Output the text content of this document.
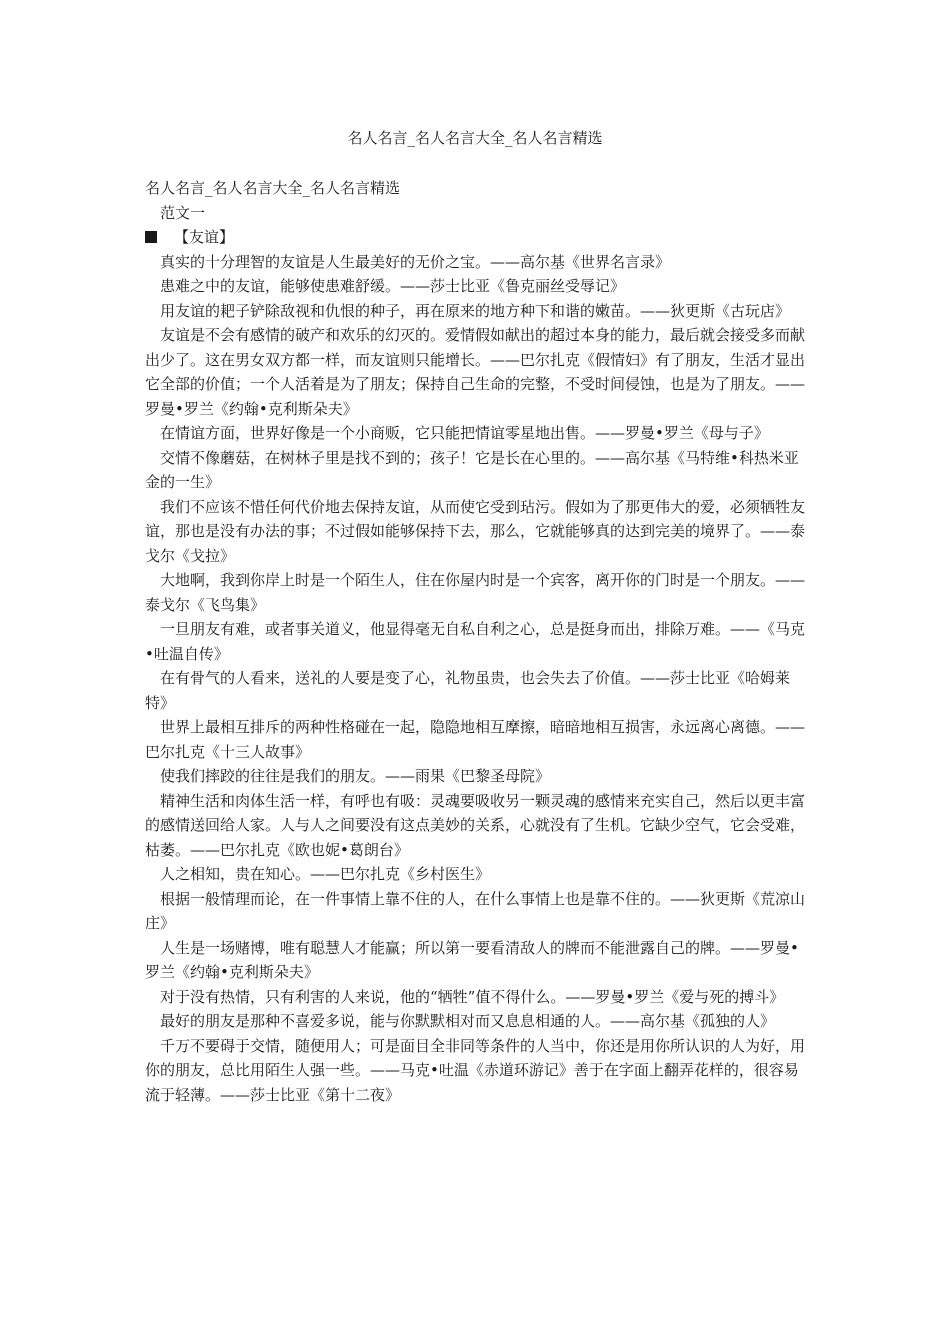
名人名言_名人名言大全_名人名言精选

名人名言_名人名言大全_名人名言精选

范文一

【友谊】

真实的十分理智的友谊是人生最美好的无价之宝。——高尔基《世界名言录》

患难之中的友谊，能够使患难舒缓。——莎士比亚《鲁克丽丝受辱记》

用友谊的耙子铲除敌视和仇恨的种子，再在原来的地方种下和谐的嫩苗。——狄更斯《古玩店》

友谊是不会有感情的破产和欢乐的幻灭的。爱情假如献出的超过本身的能力，最后就会接受多而献出少了。这在男女双方都一样，而友谊则只能增长。——巴尔扎克《假情妇》有了朋友，生活才显出它全部的价值；一个人活着是为了朋友；保持自己生命的完整，不受时间侵蚀，也是为了朋友。——罗曼•罗兰《约翰•克利斯朵夫》

在情谊方面，世界好像是一个小商贩，它只能把情谊零星地出售。——罗曼•罗兰《母与子》

交情不像蘑菇，在树林子里是找不到的；孩子！它是长在心里的。——高尔基《马特维•科热米亚金的一生》

我们不应该不惜任何代价地去保持友谊，从而使它受到玷污。假如为了那更伟大的爱，必须牺牲友谊，那也是没有办法的事；不过假如能够保持下去，那么，它就能够真的达到完美的境界了。——泰戈尔《戈拉》

大地啊，我到你岸上时是一个陌生人，住在你屋内时是一个宾客，离开你的门时是一个朋友。——泰戈尔《飞鸟集》

一旦朋友有难，或者事关道义，他显得毫无自私自利之心，总是挺身而出，排除万难。——《马克•吐温自传》

在有骨气的人看来，送礼的人要是变了心，礼物虽贵，也会失去了价值。——莎士比亚《哈姆莱特》

世界上最相互排斥的两种性格碰在一起，隐隐地相互摩擦，暗暗地相互损害，永远离心离德。——巴尔扎克《十三人故事》

使我们摔跤的往往是我们的朋友。——雨果《巴黎圣母院》

精神生活和肉体生活一样，有呼也有吸：灵魂要吸收另一颗灵魂的感情来充实自己，然后以更丰富的感情送回给人家。人与人之间要没有这点美妙的关系，心就没有了生机。它缺少空气，它会受难，枯萎。——巴尔扎克《欧也妮•葛朗台》

人之相知，贵在知心。——巴尔扎克《乡村医生》

根据一般情理而论，在一件事情上靠不住的人，在什么事情上也是靠不住的。——狄更斯《荒凉山庄》

人生是一场赌博，唯有聪慧人才能赢；所以第一要看清敌人的牌而不能泄露自己的牌。——罗曼•罗兰《约翰•克利斯朵夫》

对于没有热情，只有利害的人来说，他的“牺牲”值不得什么。——罗曼•罗兰《爱与死的搏斗》

最好的朋友是那种不喜爱多说，能与你默默相对而又息息相通的人。——高尔基《孤独的人》

千万不要碍于交情，随便用人；可是面目全非同等条件的人当中，你还是用你所认识的人为好，用你的朋友，总比用陌生人强一些。——马克•吐温《赤道环游记》善于在字面上翻弄花样的，很容易流于轻薄。——莎士比亚《第十二夜》
